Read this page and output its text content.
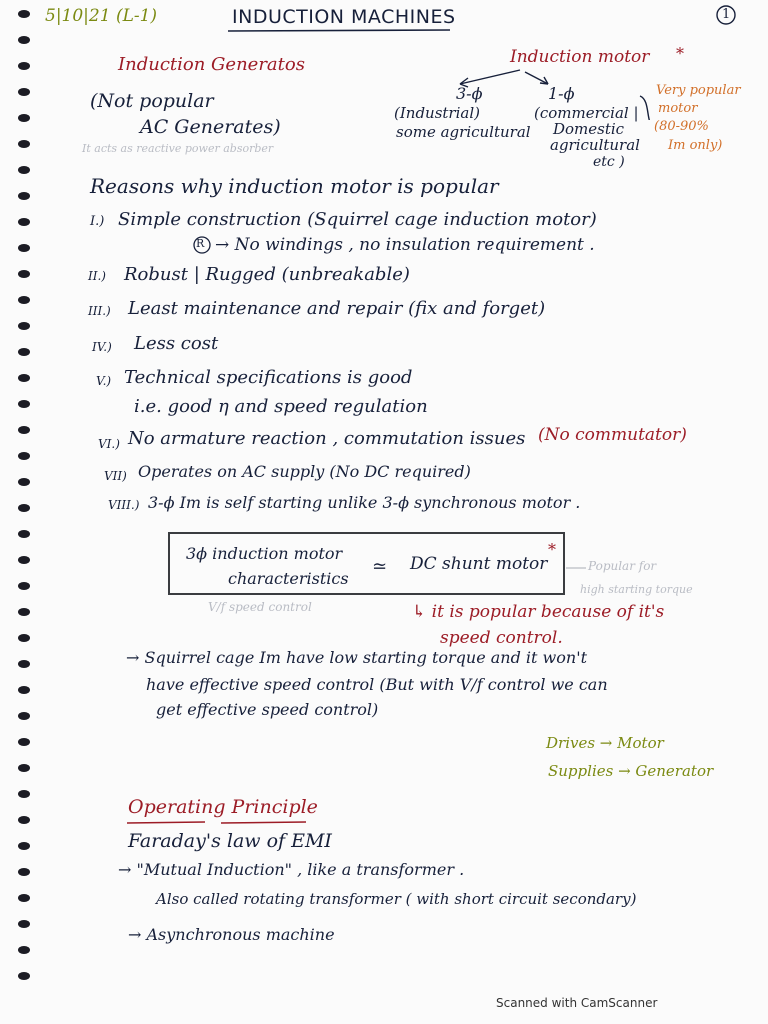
5|10|21 (L-1)	INDUCTION MACHINES	1
Induction Generatos
(Not popular
AC Generates)
It acts as reactive power absorber
Induction motor *
3-ϕ
(Industrial)
some agricultural
1-ϕ
(commercial |
Domestic
agricultural
etc )
Very popular
motor
(80-90%
Im only)
Reasons why induction motor is popular
I.) Simple construction (Squirrel cage induction motor)
R → No windings , no insulation requirement .
II.) Robust | Rugged (unbreakable)
III.) Least maintenance and repair (fix and forget)
IV.) Less cost
V.) Technical specifications is good
i.e. good η and speed regulation
VI.) No armature reaction , commutation issues (No commutator)
VII) Operates on AC supply (No DC required)
VIII.) 3-ϕ Im is self starting unlike 3-ϕ synchronous motor .
3ϕ induction motor
characteristics
≃ DC shunt motor
*
Popular for
high starting torque
V/f speed control	↳ it is popular because of it's
speed control.
→ Squirrel cage Im have low starting torque and it won't
have effective speed control (But with V/f control we can
get effective speed control)
Drives → Motor
Supplies → Generator
Operating Principle
Faraday's law of EMI
→ "Mutual Induction" , like a transformer .
Also called rotating transformer ( with short circuit secondary)
→ Asynchronous machine
Scanned with CamScanner
